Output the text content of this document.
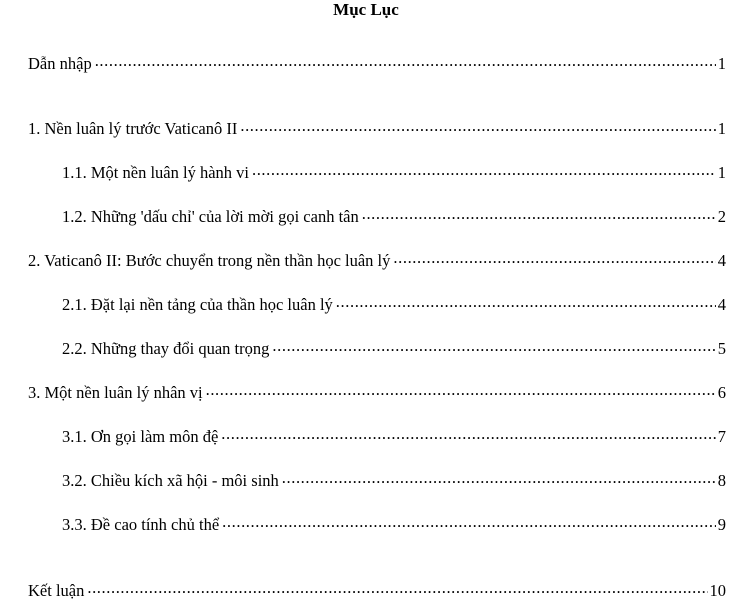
Mục Lục
Dẫn nhập .....	1
1. Nền luân lý trước Vaticanô II .....	1
1.1. Một nền luân lý hành vi .....	1
1.2. Những 'dấu chỉ' của lời mời gọi canh tân .....	2
2. Vaticanô II: Bước chuyển trong nền thần học luân lý .....	4
2.1. Đặt lại nền tảng của thần học luân lý .....	4
2.2. Những thay đổi quan trọng .....	5
3. Một nền luân lý nhân vị .....	6
3.1. Ơn gọi làm môn đệ .....	7
3.2. Chiều kích xã hội - môi sinh .....	8
3.3. Đề cao tính chủ thể .....	9
Kết luận .....	10
